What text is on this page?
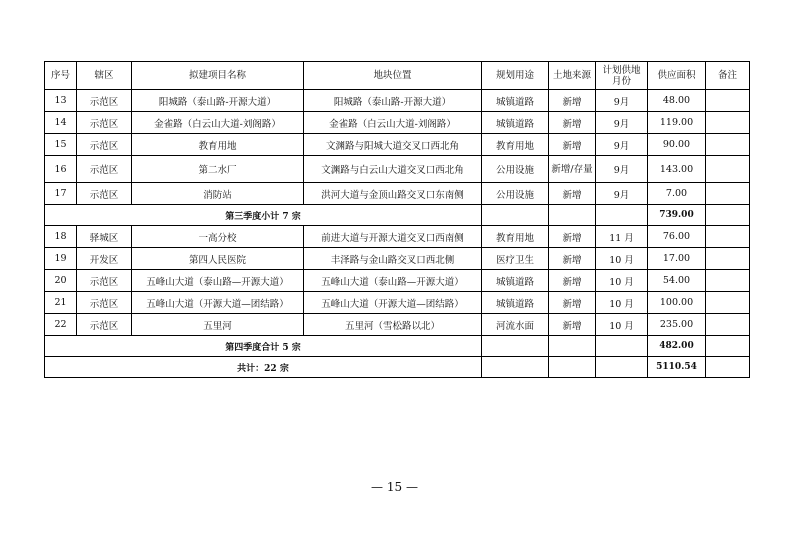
序号	辖区	拟建项目名称	地块位置	规划用途	土地来源	计划供地月份	供应面积	备注
13	示范区	阳城路（泰山路-开源大道）	阳城路（泰山路-开源大道）	城镇道路	新增	9月	48.00	
14	示范区	金雀路（白云山大道-刘阁路）	金雀路（白云山大道-刘阁路）	城镇道路	新增	9月	119.00	
15	示范区	教育用地	文渊路与阳城大道交叉口西北角	教育用地	新增	9月	90.00	
16	示范区	第二水厂	文渊路与白云山大道交叉口西北角	公用设施	新增/存量	9月	143.00	
17	示范区	消防站	洪河大道与金顶山路交叉口东南侧	公用设施	新增	9月	7.00	
第三季度小计 7 宗							739.00	
18	驿城区	一高分校	前进大道与开源大道交叉口西南侧	教育用地	新增	11 月	76.00	
19	开发区	第四人民医院	丰泽路与金山路交叉口西北侧	医疗卫生	新增	10 月	17.00	
20	示范区	五峰山大道（泰山路—开源大道）	五峰山大道（泰山路—开源大道）	城镇道路	新增	10 月	54.00	
21	示范区	五峰山大道（开源大道—团结路）	五峰山大道（开源大道—团结路）	城镇道路	新增	10 月	100.00	
22	示范区	五里河	五里河（雪松路以北）	河流水面	新增	10 月	235.00	
第四季度合计 5 宗							482.00	
共计：22 宗							5110.54	
— 15 —
